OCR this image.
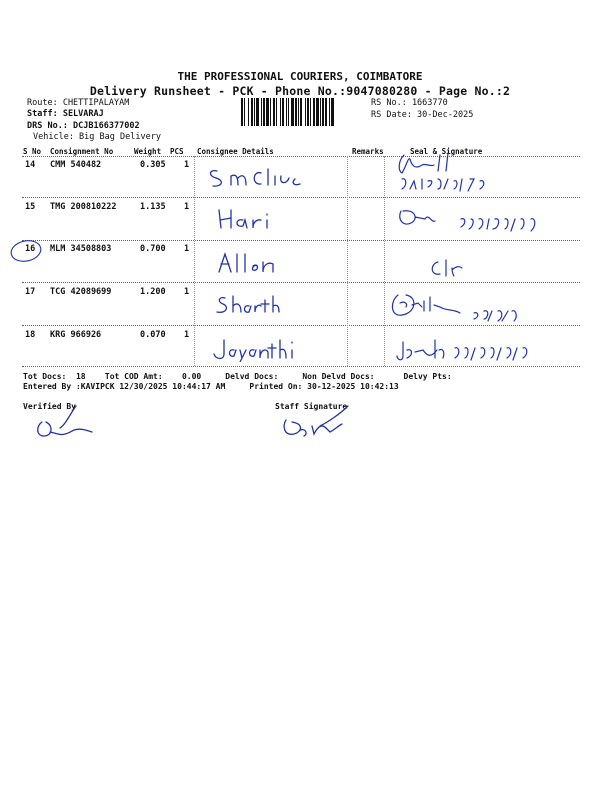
THE PROFESSIONAL COURIERS, COIMBATORE
Delivery Runsheet - PCK - Phone No.:9047080280 - Page No.:2
Route: CHETTIPALAYAM
Staff: SELVARAJ
DRS No.: DCJB166377002
Vehicle: Big Bag Delivery
RS No.: 1663770
RS Date: 30-Dec-2025
S No Consignment No	Weight PCS Consignee Details	Remarks	Seal & Signature
14 CMM 540482	0.305 1
15 TMG 200810222	1.135 1
16 MLM 34508803	0.700 1
17 TCG 42089699	1.200 1
18 KRG 966926	0.070 1
Tot Docs:  18    Tot COD Amt:    0.00     Delvd Docs:     Non Delvd Docs:      Delvy Pts:
Entered By :KAVIPCK 12/30/2025 10:44:17 AM     Printed On: 30-12-2025 10:42:13
Verified By	Staff Signature
